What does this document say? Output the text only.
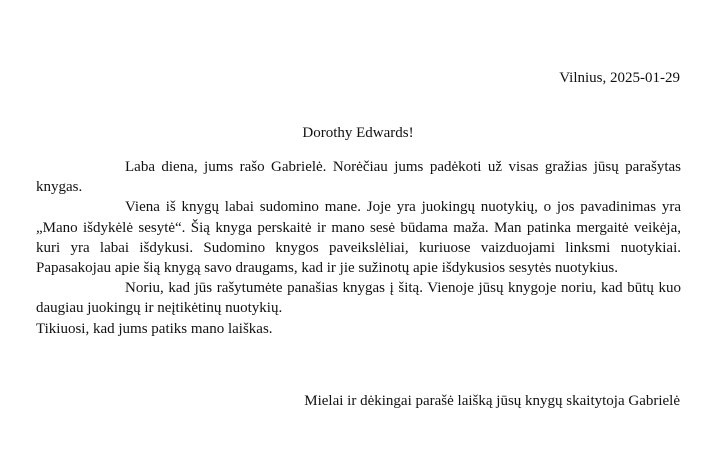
Vilnius, 2025-01-29
Dorothy Edwards!

Laba diena, jums rašo Gabrielė. Norėčiau jums padėkoti už visas gražias jūsų parašytas knygas.

Viena iš knygų labai sudomino mane. Joje yra juokingų nuotykių, o jos pavadinimas yra „Mano išdykėlė sesytė“. Šią knyga perskaitė ir mano sesė būdama maža. Man patinka mergaitė veikėja, kuri yra labai išdykusi. Sudomino knygos paveikslėliai, kuriuose vaizduojami linksmi nuotykiai. Papasakojau apie šią knygą savo draugams, kad ir jie sužinotų apie išdykusios sesytės nuotykius.

Noriu, kad jūs rašytumėte panašias knygas į šitą. Vienoje jūsų knygoje noriu, kad būtų kuo daugiau juokingų ir neįtikėtinų nuotykių.

Tikiuosi, kad jums patiks mano laiškas.

Mielai ir dėkingai parašė laišką jūsų knygų skaitytoja Gabrielė
